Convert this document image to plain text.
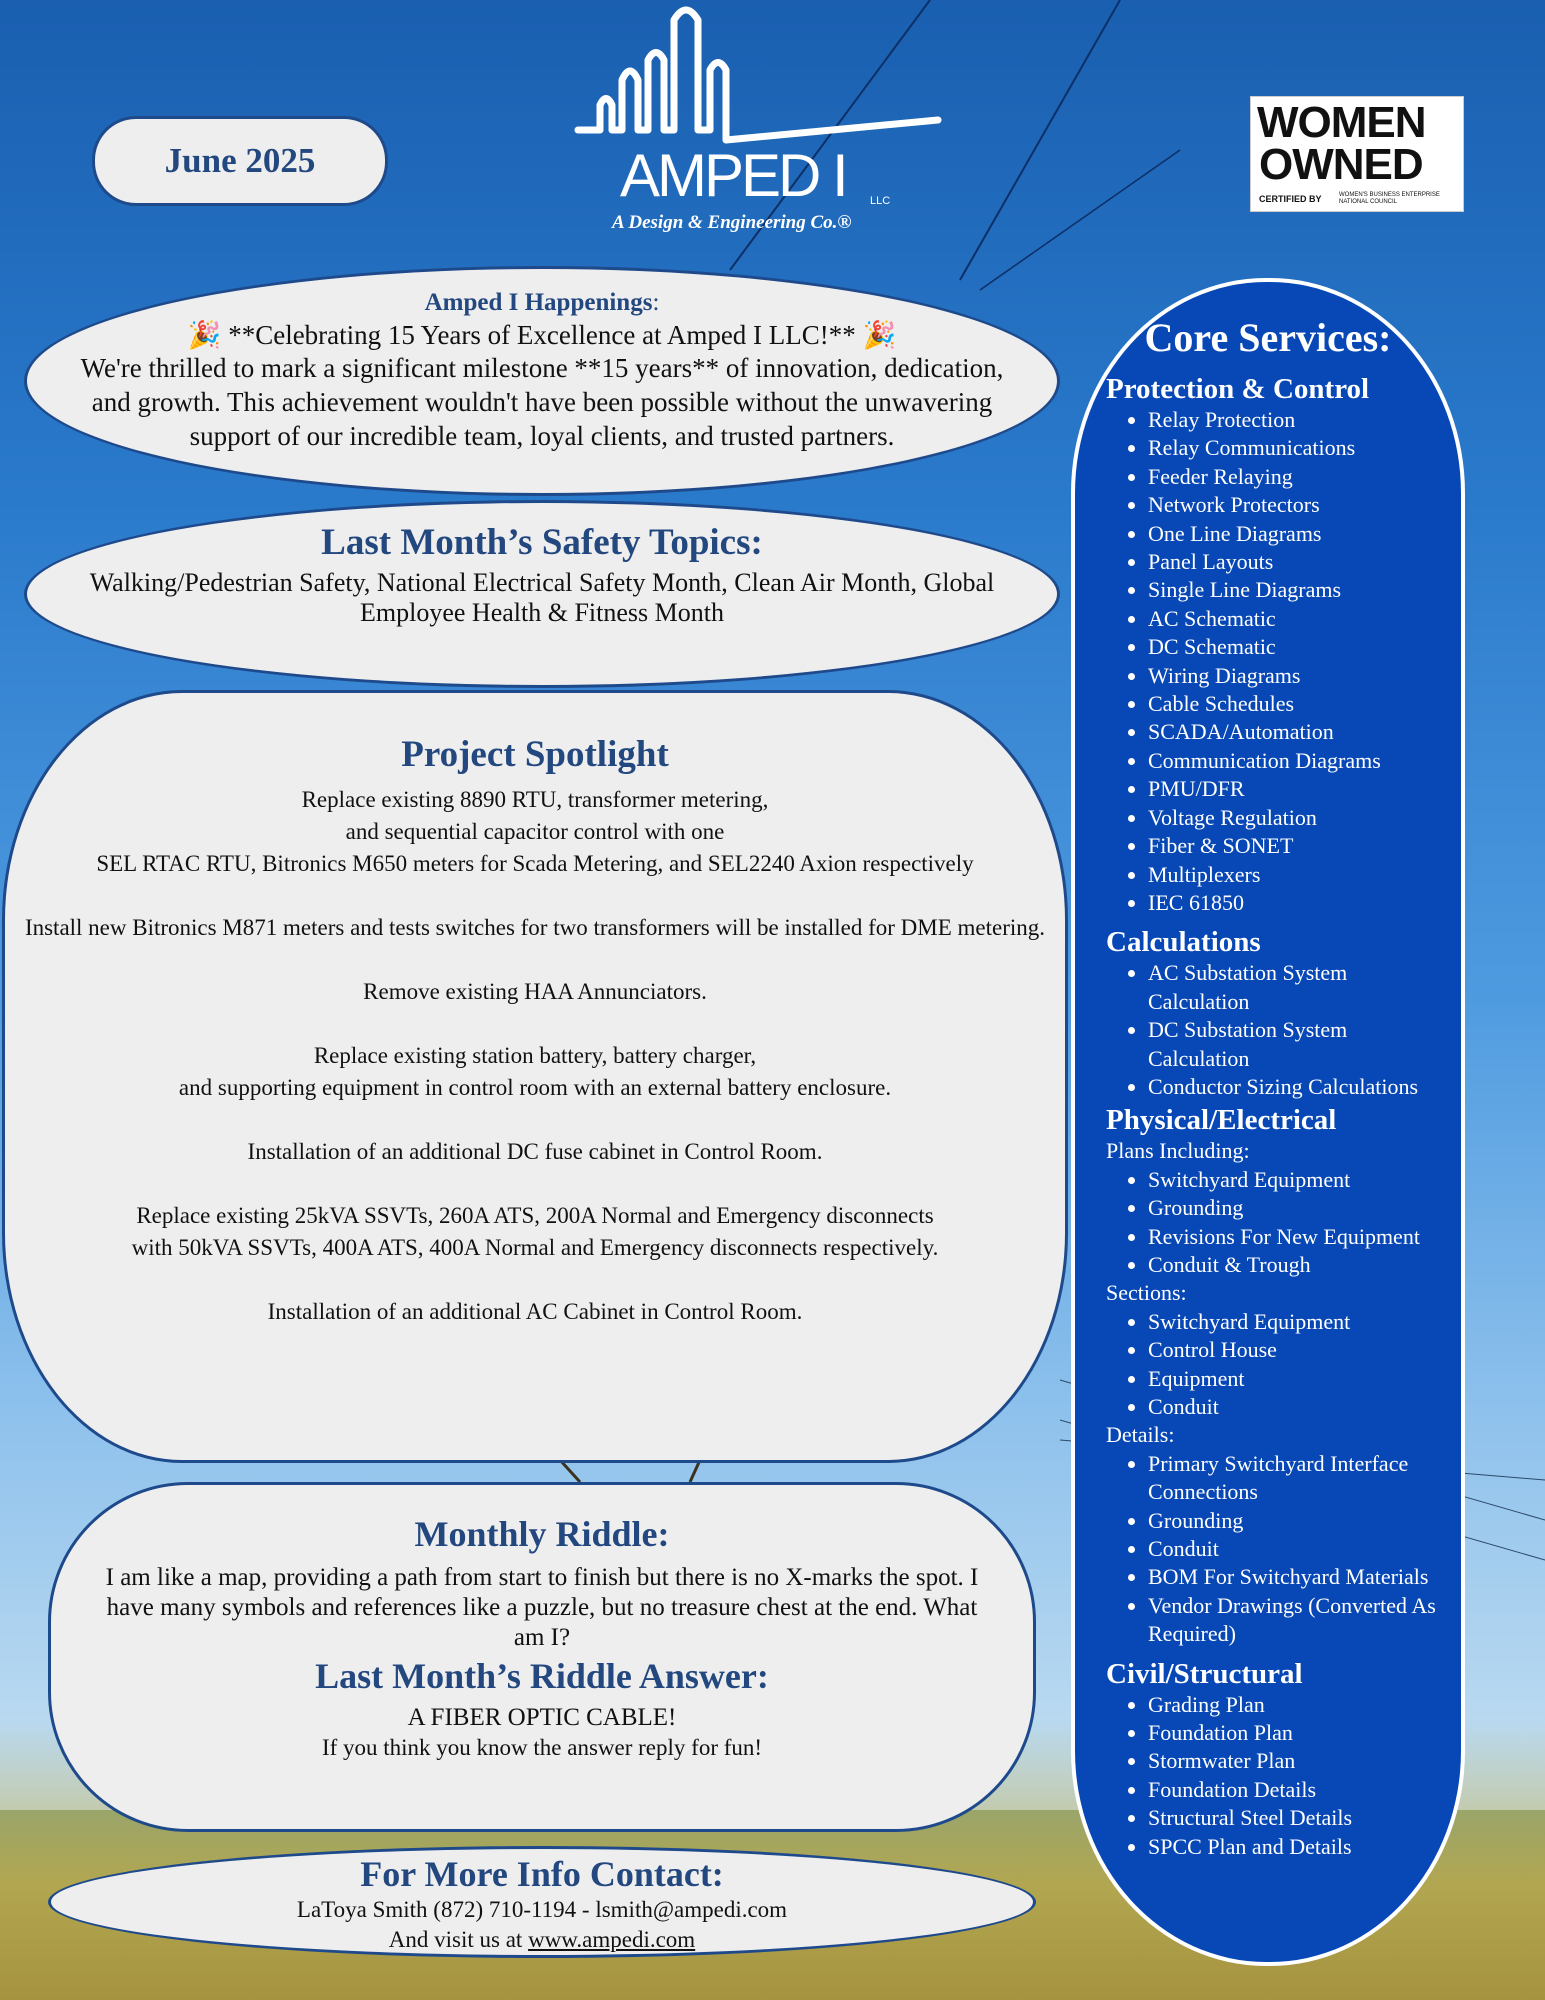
June 2025	AMPED I LLC
A Design & Engineering Co.®
WOMEN
OWNED
CERTIFIED BY	WOMEN'S BUSINESS ENTERPRISE NATIONAL COUNCIL
Amped I Happenings:
🎉 **Celebrating 15 Years of Excellence at Amped I LLC!** 🎉
We're thrilled to mark a significant milestone **15 years** of innovation, dedication, and growth. This achievement wouldn't have been possible without the unwavering support of our incredible team, loyal clients, and trusted partners.
Last Month’s Safety Topics:
Walking/Pedestrian Safety, National Electrical Safety Month, Clean Air Month, Global Employee Health & Fitness Month
Project Spotlight
Replace existing 8890 RTU, transformer metering,
and sequential capacitor control with one
SEL RTAC RTU, Bitronics M650 meters for Scada Metering, and SEL2240 Axion respectively
Install new Bitronics M871 meters and tests switches for two transformers will be installed for DME metering.
Remove existing HAA Annunciators.
Replace existing station battery, battery charger,
and supporting equipment in control room with an external battery enclosure.
Installation of an additional DC fuse cabinet in Control Room.
Replace existing 25kVA SSVTs, 260A ATS, 200A Normal and Emergency disconnects
with 50kVA SSVTs, 400A ATS, 400A Normal and Emergency disconnects respectively.
Installation of an additional AC Cabinet in Control Room.
Monthly Riddle:
I am like a map, providing a path from start to finish but there is no X-marks the spot. I have many symbols and references like a puzzle, but no treasure chest at the end. What am I?
Last Month’s Riddle Answer:
A FIBER OPTIC CABLE!
If you think you know the answer reply for fun!
For More Info Contact:
LaToya Smith (872) 710-1194 - lsmith@ampedi.com
And visit us at www.ampedi.com
Core Services:
Protection & Control
• Relay Protection
• Relay Communications
• Feeder Relaying
• Network Protectors
• One Line Diagrams
• Panel Layouts
• Single Line Diagrams
• AC Schematic
• DC Schematic
• Wiring Diagrams
• Cable Schedules
• SCADA/Automation
• Communication Diagrams
• PMU/DFR
• Voltage Regulation
• Fiber & SONET
• Multiplexers
• IEC 61850
Calculations
• AC Substation System Calculation
• DC Substation System Calculation
• Conductor Sizing Calculations
Physical/Electrical
Plans Including:
• Switchyard Equipment
• Grounding
• Revisions For New Equipment
• Conduit & Trough
Sections:
• Switchyard Equipment
• Control House
• Equipment
• Conduit
Details:
• Primary Switchyard Interface Connections
• Grounding
• Conduit
• BOM For Switchyard Materials
• Vendor Drawings (Converted As Required)
Civil/Structural
• Grading Plan
• Foundation Plan
• Stormwater Plan
• Foundation Details
• Structural Steel Details
• SPCC Plan and Details
